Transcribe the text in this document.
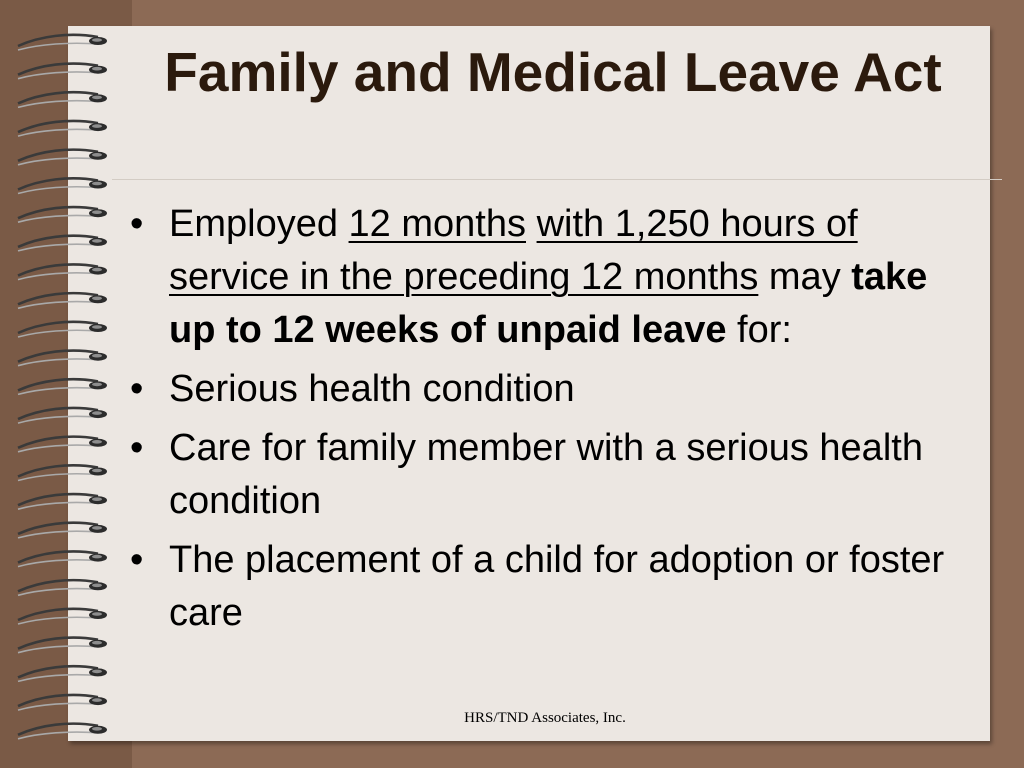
Family and Medical Leave Act
• Employed 12 months with 1,250 hours of service in the preceding 12 months may take up to 12 weeks of unpaid leave for:
• Serious health condition
• Care for family member with a serious health condition
• The placement of a child for adoption or foster care
HRS/TND Associates, Inc.
